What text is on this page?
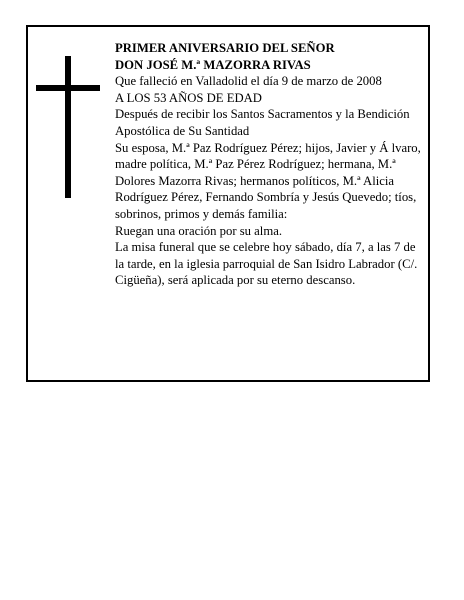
PRIMER ANIVERSARIO DEL SEÑOR

DON JOSÉ M.ª MAZORRA RIVAS

Que falleció en Valladolid el día 9 de marzo de 2008

A LOS 53 AÑOS DE EDAD

Después de recibir los Santos Sacramentos y la Bendición Apostólica de Su Santidad

Su esposa, M.ª Paz Rodríguez Pérez; hijos, Javier y Á lvaro, madre política, M.ª Paz Pérez Rodríguez; hermana, M.ª Dolores Mazorra Rivas; hermanos políticos, M.ª Alicia Rodríguez Pérez, Fernando Sombría y Jesús Quevedo; tíos, sobrinos, primos y demás familia:

Ruegan una oración por su alma.

La misa funeral que se celebre hoy sábado, día 7, a las 7 de la tarde, en la iglesia parroquial de San Isidro Labrador (C/. Cigüeña), será aplicada por su eterno descanso.
